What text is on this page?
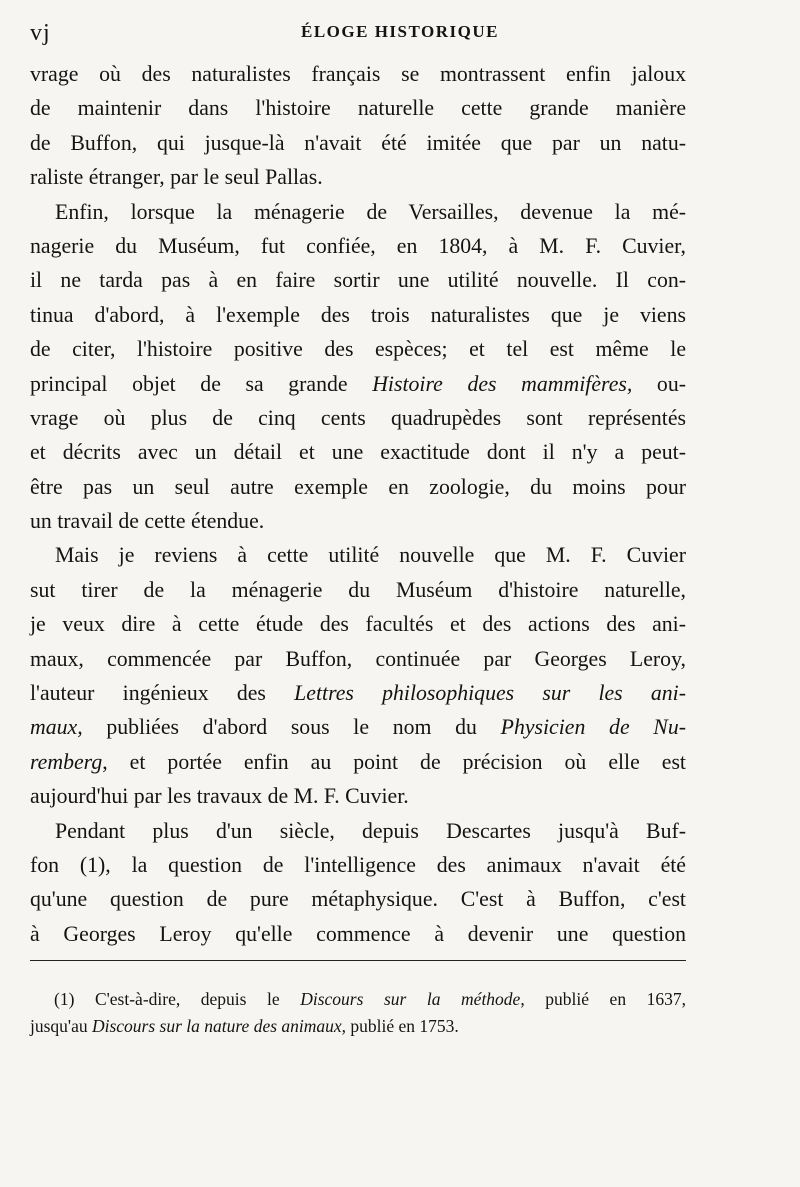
vj	ÉLOGE HISTORIQUE
vrage où des naturalistes français se montrassent enfin jaloux
de maintenir dans l'histoire naturelle cette grande manière
de Buffon, qui jusque-là n'avait été imitée que par un natu-
raliste étranger, par le seul Pallas.
Enfin, lorsque la ménagerie de Versailles, devenue la mé-
nagerie du Muséum, fut confiée, en 1804, à M. F. Cuvier,
il ne tarda pas à en faire sortir une utilité nouvelle. Il con-
tinua d'abord, à l'exemple des trois naturalistes que je viens
de citer, l'histoire positive des espèces; et tel est même le
principal objet de sa grande Histoire des mammifères, ou-
vrage où plus de cinq cents quadrupèdes sont représentés
et décrits avec un détail et une exactitude dont il n'y a peut-
être pas un seul autre exemple en zoologie, du moins pour
un travail de cette étendue.
Mais je reviens à cette utilité nouvelle que M. F. Cuvier
sut tirer de la ménagerie du Muséum d'histoire naturelle,
je veux dire à cette étude des facultés et des actions des ani-
maux, commencée par Buffon, continuée par Georges Leroy,
l'auteur ingénieux des Lettres philosophiques sur les ani-
maux, publiées d'abord sous le nom du Physicien de Nu-
remberg, et portée enfin au point de précision où elle est
aujourd'hui par les travaux de M. F. Cuvier.
Pendant plus d'un siècle, depuis Descartes jusqu'à Buf-
fon (1), la question de l'intelligence des animaux n'avait été
qu'une question de pure métaphysique. C'est à Buffon, c'est
à Georges Leroy qu'elle commence à devenir une question
(1) C'est-à-dire, depuis le Discours sur la méthode, publié en 1637,
jusqu'au Discours sur la nature des animaux, publié en 1753.
